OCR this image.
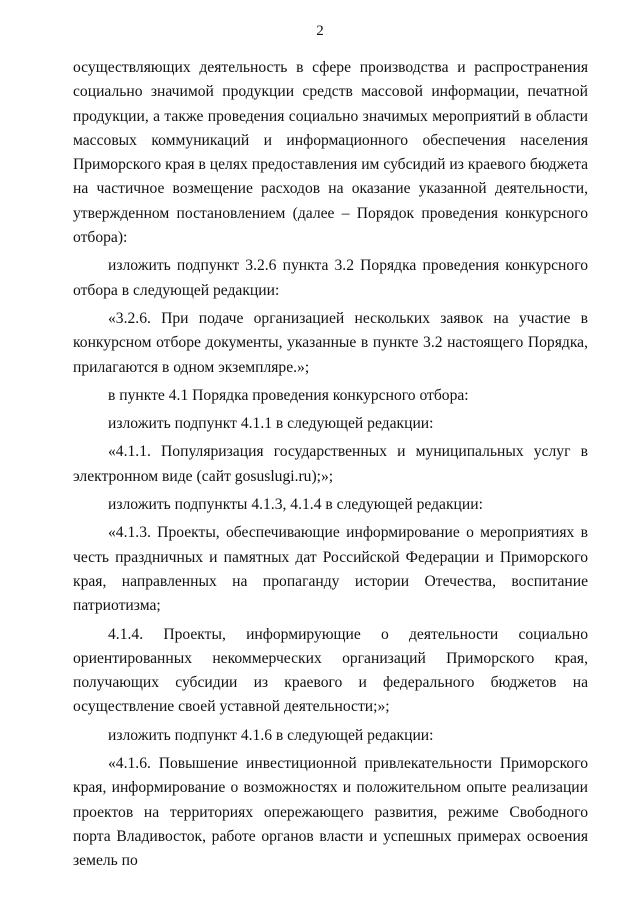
2

осуществляющих деятельность в сфере производства и распространения социально значимой продукции средств массовой информации, печатной продукции, а также проведения социально значимых мероприятий в области массовых коммуникаций и информационного обеспечения населения Приморского края в целях предоставления им субсидий из краевого бюджета на частичное возмещение расходов на оказание указанной деятельности, утвержденном постановлением (далее – Порядок проведения конкурсного отбора):

изложить подпункт 3.2.6 пункта 3.2 Порядка проведения конкурсного отбора в следующей редакции:

«3.2.6. При подаче организацией нескольких заявок на участие в конкурсном отборе документы, указанные в пункте 3.2 настоящего Порядка, прилагаются в одном экземпляре.»;

в пункте 4.1 Порядка проведения конкурсного отбора:

изложить подпункт 4.1.1 в следующей редакции:

«4.1.1. Популяризация государственных и муниципальных услуг в электронном виде (сайт gosuslugi.ru);»;

изложить подпункты 4.1.3, 4.1.4 в следующей редакции:

«4.1.3. Проекты, обеспечивающие информирование о мероприятиях в честь праздничных и памятных дат Российской Федерации и Приморского края, направленных на пропаганду истории Отечества, воспитание патриотизма;

4.1.4. Проекты, информирующие о деятельности социально ориентированных некоммерческих организаций Приморского края, получающих субсидии из краевого и федерального бюджетов на осуществление своей уставной деятельности;»;

изложить подпункт 4.1.6 в следующей редакции:

«4.1.6. Повышение инвестиционной привлекательности Приморского края, информирование о возможностях и положительном опыте реализации проектов на территориях опережающего развития, режиме Свободного порта Владивосток, работе органов власти и успешных примерах освоения земель по
